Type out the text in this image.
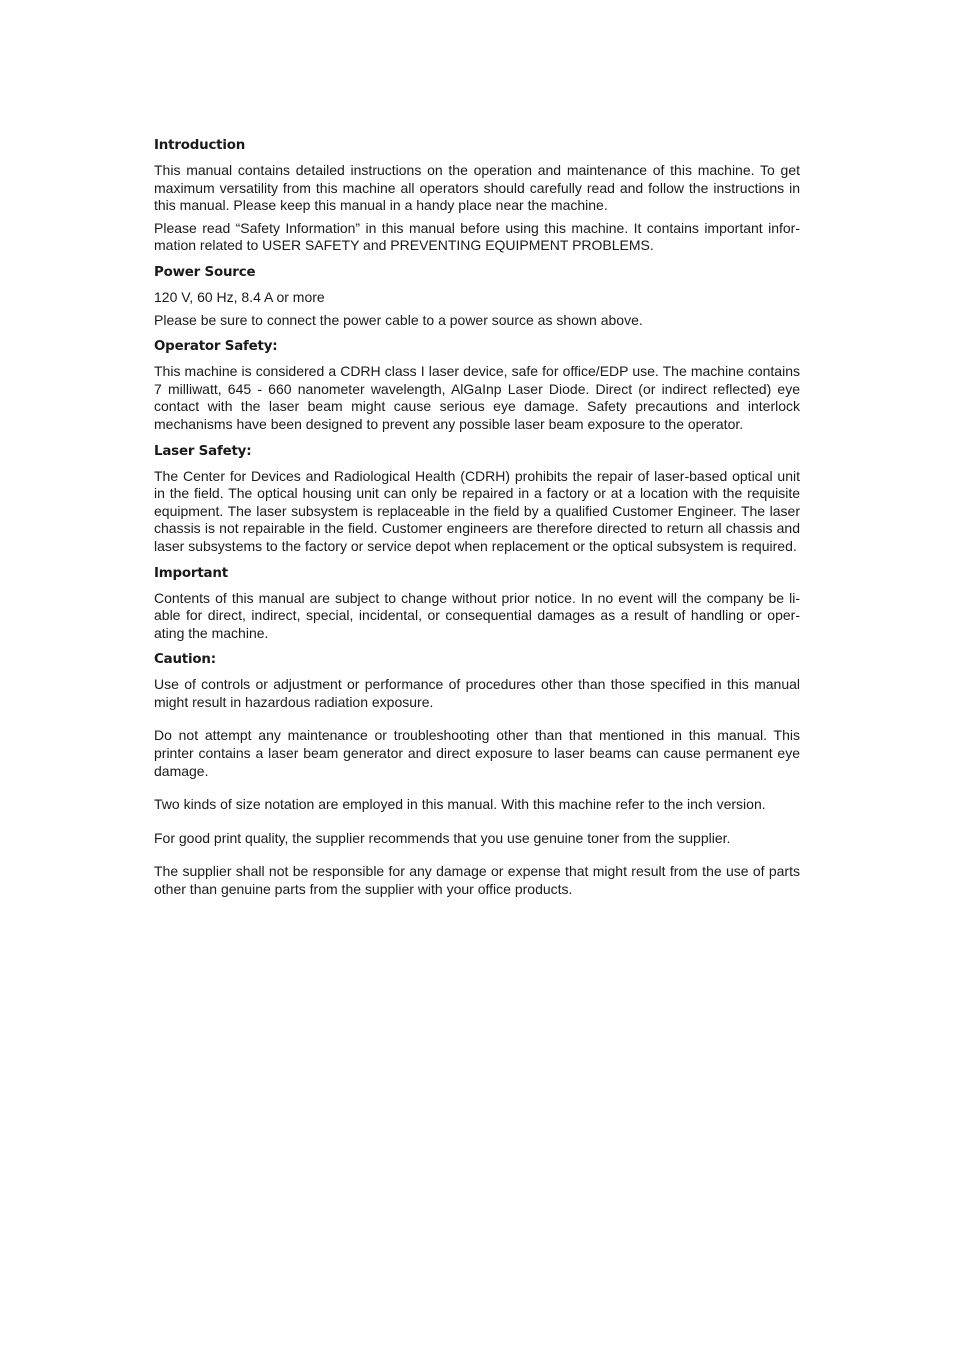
Introduction

This manual contains detailed instructions on the operation and maintenance of this machine. To get maximum versatility from this machine all operators should carefully read and follow the instructions in this manual. Please keep this manual in a handy place near the machine.

Please read “Safety Information” in this manual before using this machine. It contains important information related to USER SAFETY and PREVENTING EQUIPMENT PROBLEMS.

Power Source

120 V, 60 Hz, 8.4 A or more

Please be sure to connect the power cable to a power source as shown above.

Operator Safety:

This machine is considered a CDRH class I laser device, safe for office/EDP use. The machine contains 7 milliwatt, 645 - 660 nanometer wavelength, AlGaInp Laser Diode. Direct (or indirect reflected) eye contact with the laser beam might cause serious eye damage. Safety precautions and interlock mechanisms have been designed to prevent any possible laser beam exposure to the operator.

Laser Safety:

The Center for Devices and Radiological Health (CDRH) prohibits the repair of laser-based optical unit in the field. The optical housing unit can only be repaired in a factory or at a location with the requisite equipment. The laser subsystem is replaceable in the field by a qualified Customer Engineer. The laser chassis is not repairable in the field. Customer engineers are therefore directed to return all chassis and laser subsystems to the factory or service depot when replacement or the optical subsystem is required.

Important

Contents of this manual are subject to change without prior notice. In no event will the company be liable for direct, indirect, special, incidental, or consequential damages as a result of handling or operating the machine.

Caution:

Use of controls or adjustment or performance of procedures other than those specified in this manual might result in hazardous radiation exposure.

Do not attempt any maintenance or troubleshooting other than that mentioned in this manual. This printer contains a laser beam generator and direct exposure to laser beams can cause permanent eye damage.

Two kinds of size notation are employed in this manual. With this machine refer to the inch version.

For good print quality, the supplier recommends that you use genuine toner from the supplier.

The supplier shall not be responsible for any damage or expense that might result from the use of parts other than genuine parts from the supplier with your office products.
